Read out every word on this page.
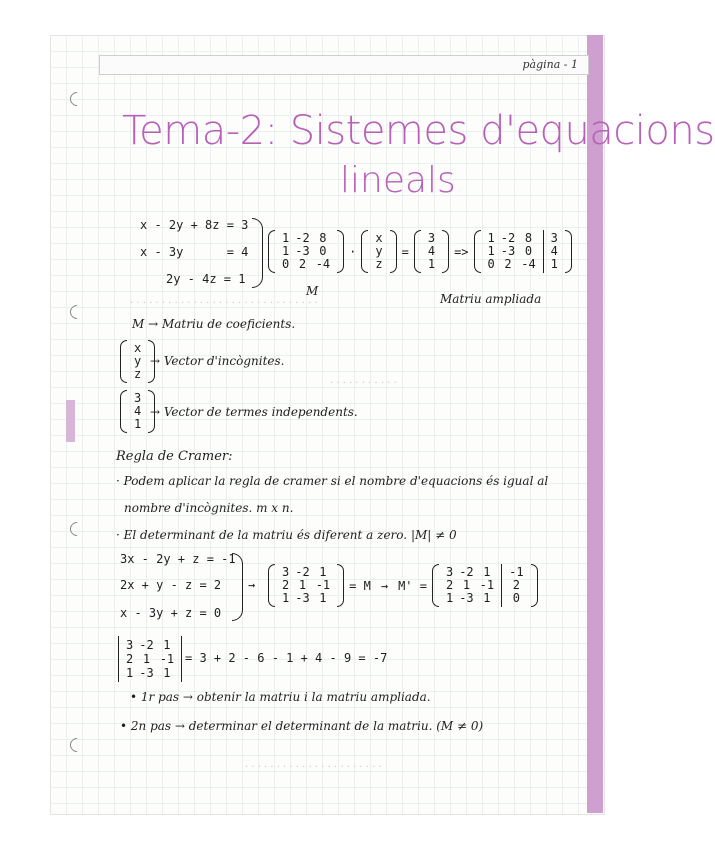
pàgina - 1
· · · · · · · · · · · · · · · · · · · · · · · · · · · · · ·
· · · · · · · · · · ·
· · · · · · · · · · · · · · · · · · · · · ·
Tema-2: Sistemes d'equacions
lineals
x - 2y + 8z = 3
x - 3y      = 4
2y - 4z = 1
1 -2 8
1 -3 0
0 2 -4
·
x
y
z
=
3
4
1
=>
1 -2 8
1 -3 0
0 2 -4
3
4
1
M
Matriu ampliada
M → Matriu de coeficients.
x
y
z
→ Vector d'incògnites.
3
4
1
→ Vector de termes independents.
Regla de Cramer:
· Podem aplicar la regla de cramer si el nombre d'equacions és igual al
nombre d'incògnites. m x n.
· El determinant de la matriu és diferent a zero. |M| ≠ 0
3x - 2y + z = -1
2x + y - z = 2
x - 3y + z = 0
→
3 -2 1
2 1 -1
1 -3 1
= M → M' =
3 -2 1
2 1 -1
1 -3 1
-1
2
0
3 -2 1
2 1 -1
1 -3 1
= 3 + 2 - 6 - 1 + 4 - 9 = -7
• 1r pas → obtenir la matriu i la matriu ampliada.
• 2n pas → determinar el determinant de la matriu. (M ≠ 0)
